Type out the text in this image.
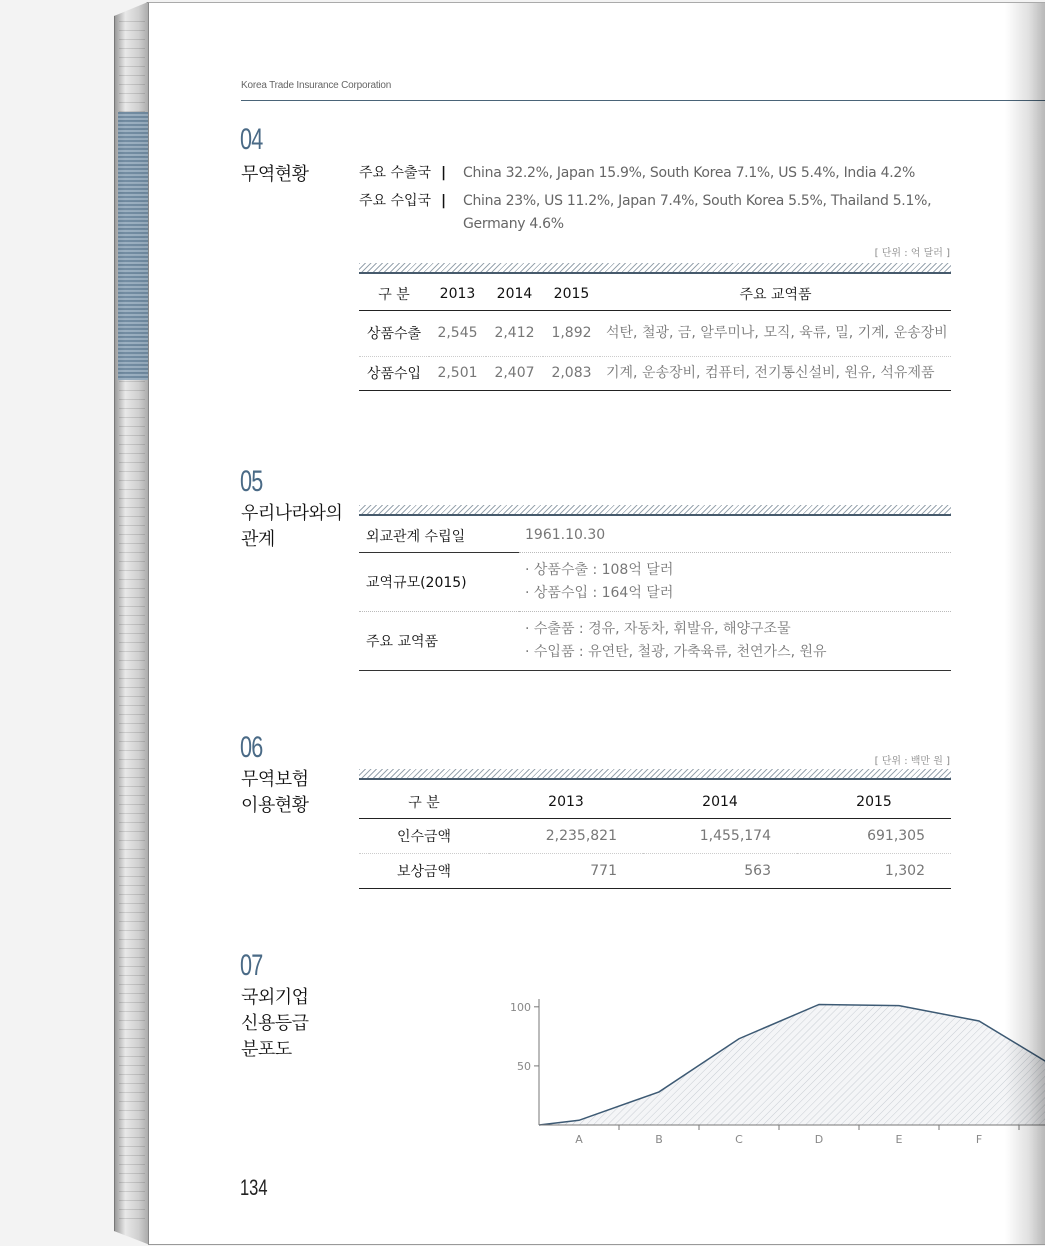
Korea Trade Insurance Corporation
04
무역현황	주요 수출국 |	China 32.2%, Japan 15.9%, South Korea 7.1%, US 5.4%, India 4.2%
주요 수입국 |	China 23%, US 11.2%, Japan 7.4%, South Korea 5.5%, Thailand 5.1%, Germany 4.6%
[ 단위 : 억 달러 ]
구 분	2013	2014	2015	주요 교역품
상품수출	2,545	2,412	1,892	석탄, 철광, 금, 알루미나, 모직, 육류, 밀, 기계, 운송장비
상품수입	2,501	2,407	2,083	기계, 운송장비, 컴퓨터, 전기통신설비, 원유, 석유제품
05
우리나라와의
관계	외교관계 수립일	1961.10.30

교역규모(2015)	· 상품수출 : 108억 달러
· 상품수입 : 164억 달러

주요 교역품	· 수출품 : 경유, 자동차, 휘발유, 해양구조물
· 수입품 : 유연탄, 철광, 가축육류, 천연가스, 원유
06
무역보험
이용현황
[ 단위 : 백만 원 ]
구 분	2013	2014	2015
인수금액	2,235,821	1,455,174	691,305
보상금액	771	563	1,302
07
국외기업
신용등급
분포도
50
100
A	B	C	D	E	F
134
